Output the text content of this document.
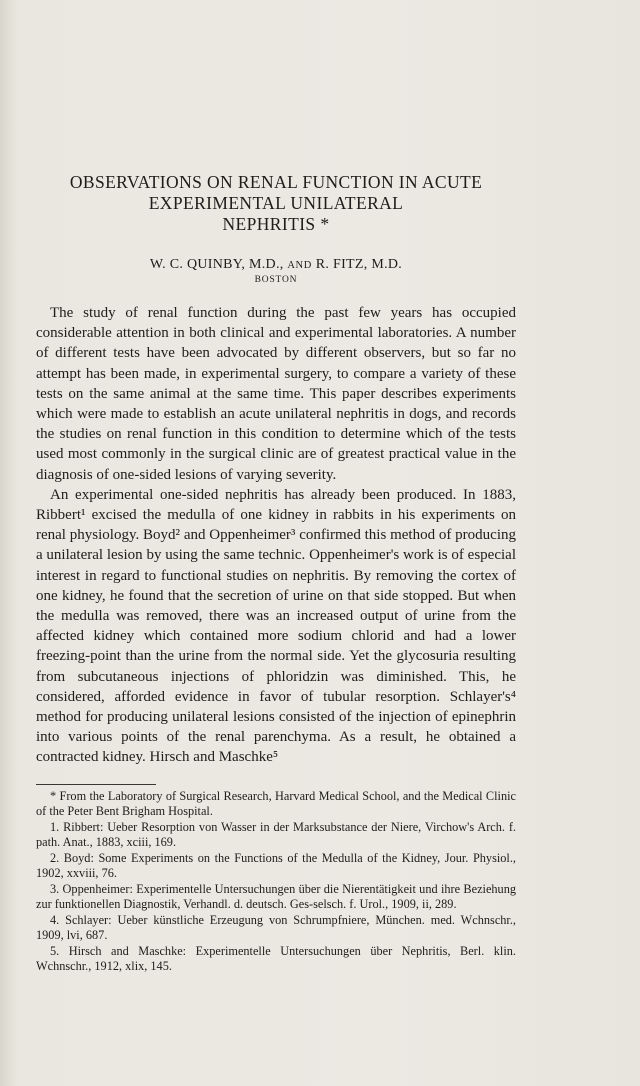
OBSERVATIONS ON RENAL FUNCTION IN ACUTE
EXPERIMENTAL UNILATERAL
NEPHRITIS *
W. C. QUINBY, M.D., AND R. FITZ, M.D.
BOSTON

The study of renal function during the past few years has occupied considerable attention in both clinical and experimental laboratories. A number of different tests have been advocated by different observers, but so far no attempt has been made, in experimental surgery, to compare a variety of these tests on the same animal at the same time. This paper describes experiments which were made to establish an acute unilateral nephritis in dogs, and records the studies on renal function in this condition to determine which of the tests used most commonly in the surgical clinic are of greatest practical value in the diagnosis of one-sided lesions of varying severity.

An experimental one-sided nephritis has already been produced. In 1883, Ribbert¹ excised the medulla of one kidney in rabbits in his experiments on renal physiology. Boyd² and Oppenheimer³ confirmed this method of producing a unilateral lesion by using the same technic. Oppenheimer's work is of especial interest in regard to functional studies on nephritis. By removing the cortex of one kidney, he found that the secretion of urine on that side stopped. But when the medulla was removed, there was an increased output of urine from the affected kidney which contained more sodium chlorid and had a lower freezing-point than the urine from the normal side. Yet the glycosuria resulting from subcutaneous injections of phloridzin was diminished. This, he considered, afforded evidence in favor of tubular resorption. Schlayer's⁴ method for producing unilateral lesions consisted of the injection of epinephrin into various points of the renal parenchyma. As a result, he obtained a contracted kidney. Hirsch and Maschke⁵

* From the Laboratory of Surgical Research, Harvard Medical School, and the Medical Clinic of the Peter Bent Brigham Hospital.

1. Ribbert: Ueber Resorption von Wasser in der Marksubstance der Niere, Virchow's Arch. f. path. Anat., 1883, xciii, 169.

2. Boyd: Some Experiments on the Functions of the Medulla of the Kidney, Jour. Physiol., 1902, xxviii, 76.

3. Oppenheimer: Experimentelle Untersuchungen über die Nierentätigkeit und ihre Beziehung zur funktionellen Diagnostik, Verhandl. d. deutsch. Ges-selsch. f. Urol., 1909, ii, 289.

4. Schlayer: Ueber künstliche Erzeugung von Schrumpfniere, München. med. Wchnschr., 1909, lvi, 687.

5. Hirsch and Maschke: Experimentelle Untersuchungen über Nephritis, Berl. klin. Wchnschr., 1912, xlix, 145.
